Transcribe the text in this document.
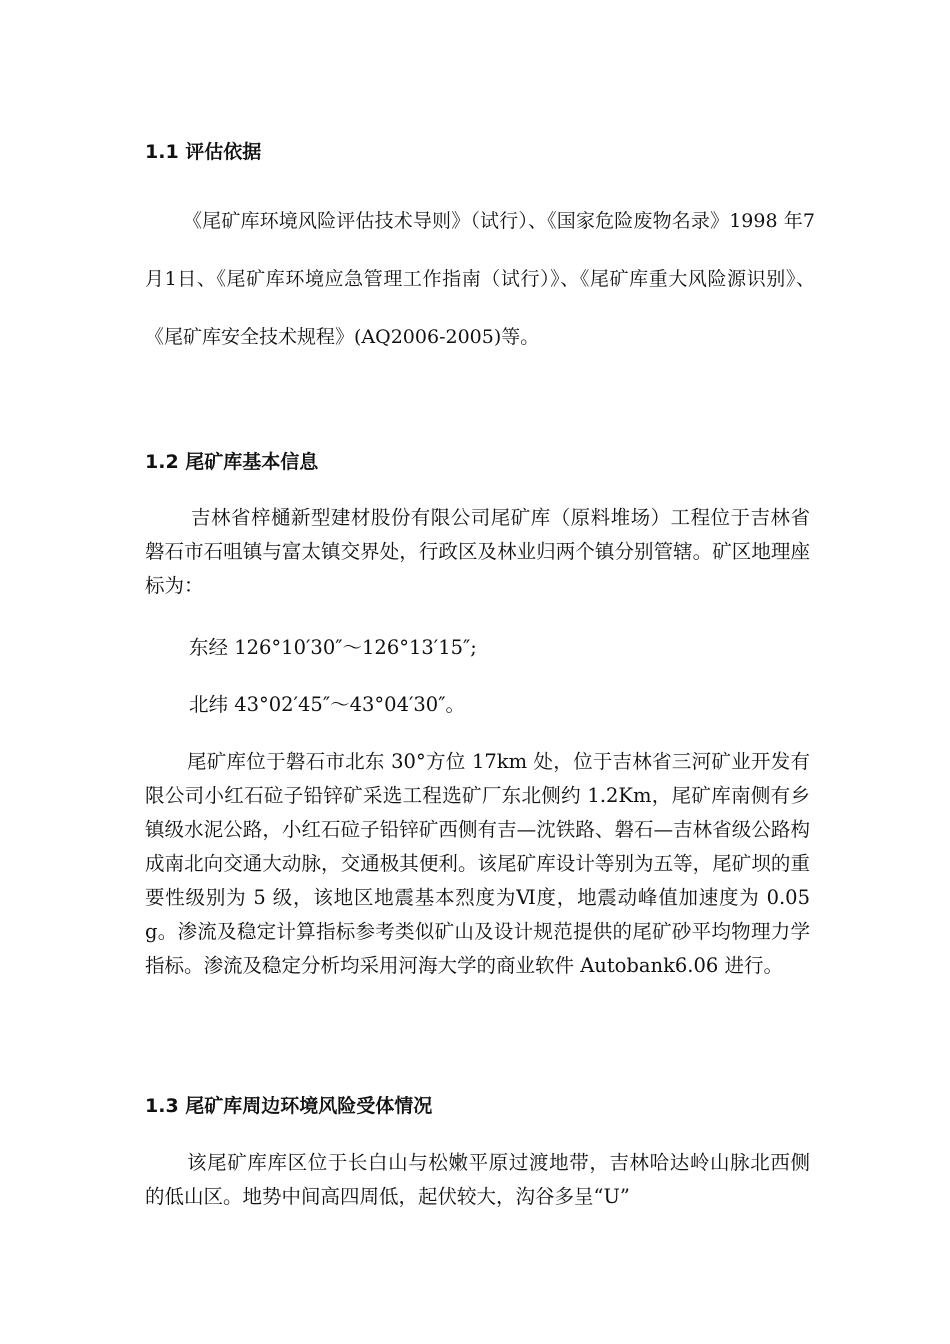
1.1 评估依据

《尾矿库环境风险评估技术导则》（试行）、《国家危险废物名录》1998 年7月1日、《尾矿库环境应急管理工作指南（试行）》、《尾矿库重大风险源识别》、《尾矿库安全技术规程》(AQ2006-2005)等。

1.2 尾矿库基本信息

吉林省梓樋新型建材股份有限公司尾矿库（原料堆场）工程位于吉林省磐石市石咀镇与富太镇交界处，行政区及林业归两个镇分别管辖。矿区地理座标为：

东经 126°10′30″～126°13′15″;

北纬 43°02′45″～43°04′30″。

尾矿库位于磐石市北东 30°方位 17km 处，位于吉林省三河矿业开发有限公司小红石砬子铅锌矿采选工程选矿厂东北侧约 1.2Km，尾矿库南侧有乡镇级水泥公路，小红石砬子铅锌矿西侧有吉—沈铁路、磐石—吉林省级公路构成南北向交通大动脉，交通极其便利。该尾矿库设计等别为五等，尾矿坝的重要性级别为 5 级，该地区地震基本烈度为Ⅵ度，地震动峰值加速度为 0.05g。渗流及稳定计算指标参考类似矿山及设计规范提供的尾矿砂平均物理力学指标。渗流及稳定分析均采用河海大学的商业软件 Autobank6.06 进行。

1.3 尾矿库周边环境风险受体情况

该尾矿库库区位于长白山与松嫩平原过渡地带，吉林哈达岭山脉北西侧的低山区。地势中间高四周低，起伏较大，沟谷多呈“U”
